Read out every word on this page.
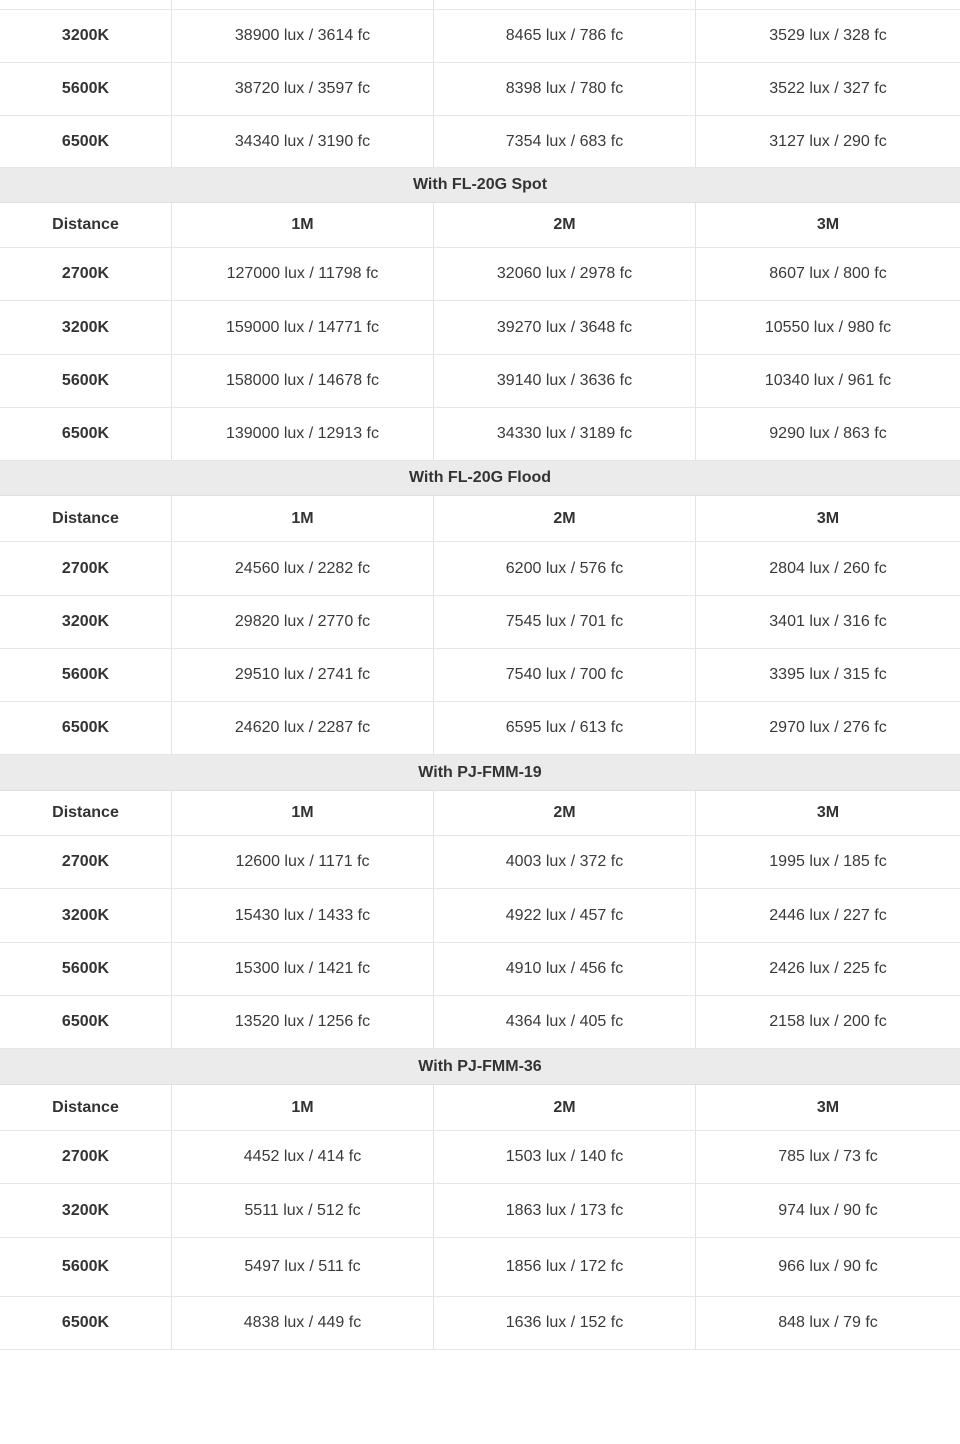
3200K	38900 lux / 3614 fc	8465 lux / 786 fc	3529 lux / 328 fc
5600K	38720 lux / 3597 fc	8398 lux / 780 fc	3522 lux / 327 fc
6500K	34340 lux / 3190 fc	7354 lux / 683 fc	3127 lux / 290 fc
With FL-20G Spot
Distance	1M	2M	3M
2700K	127000 lux / 11798 fc	32060 lux / 2978 fc	8607 lux / 800 fc
3200K	159000 lux / 14771 fc	39270 lux / 3648 fc	10550 lux / 980 fc
5600K	158000 lux / 14678 fc	39140 lux / 3636 fc	10340 lux / 961 fc
6500K	139000 lux / 12913 fc	34330 lux / 3189 fc	9290 lux / 863 fc
With FL-20G Flood
Distance	1M	2M	3M
2700K	24560 lux / 2282 fc	6200 lux / 576 fc	2804 lux / 260 fc
3200K	29820 lux / 2770 fc	7545 lux / 701 fc	3401 lux / 316 fc
5600K	29510 lux / 2741 fc	7540 lux / 700 fc	3395 lux / 315 fc
6500K	24620 lux / 2287 fc	6595 lux / 613 fc	2970 lux / 276 fc
With PJ-FMM-19
Distance	1M	2M	3M
2700K	12600 lux / 1171 fc	4003 lux / 372 fc	1995 lux / 185 fc
3200K	15430 lux / 1433 fc	4922 lux / 457 fc	2446 lux / 227 fc
5600K	15300 lux / 1421 fc	4910 lux / 456 fc	2426 lux / 225 fc
6500K	13520 lux / 1256 fc	4364 lux / 405 fc	2158 lux / 200 fc
With PJ-FMM-36
Distance	1M	2M	3M
2700K	4452 lux / 414 fc	1503 lux / 140 fc	785 lux / 73 fc
3200K	5511 lux / 512 fc	1863 lux / 173 fc	974 lux / 90 fc
5600K	5497 lux / 511 fc	1856 lux / 172 fc	966 lux / 90 fc
6500K	4838 lux / 449 fc	1636 lux / 152 fc	848 lux / 79 fc
